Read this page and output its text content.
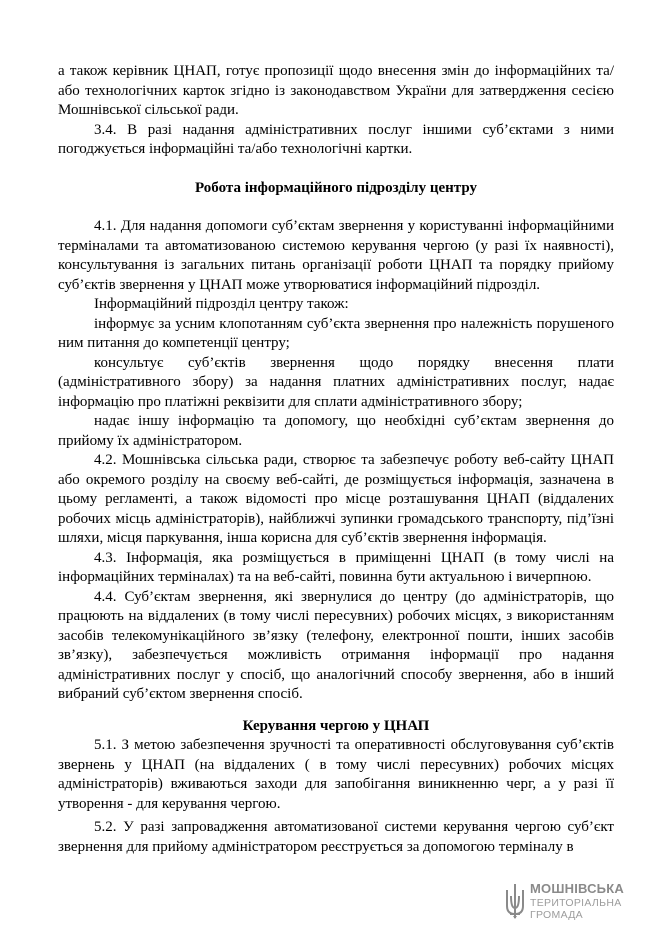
а також керівник ЦНАП, готує пропозиції щодо внесення змін до інформаційних та/або технологічних карток згідно із законодавством України для затвердження сесією Мошнівської сільської ради.

3.4. В разі надання адміністративних послуг іншими суб’єктами з ними погоджується інформаційні та/або технологічні картки.

Робота інформаційного підрозділу центру

4.1. Для надання допомоги суб’єктам звернення у користуванні інформаційними терміналами та автоматизованою системою керування чергою (у разі їх наявності), консультування із загальних питань організації роботи ЦНАП та порядку прийому суб’єктів звернення у ЦНАП може утворюватися інформаційний підрозділ.

Інформаційний підрозділ центру також:

інформує за усним клопотанням суб’єкта звернення про належність порушеного ним питання до компетенції центру;

консультує суб’єктів звернення щодо порядку внесення плати (адміністративного збору) за надання платних адміністративних послуг, надає інформацію про платіжні реквізити для сплати адміністративного збору;

надає іншу інформацію та допомогу, що необхідні суб’єктам звернення до прийому їх адміністратором.

4.2. Мошнівська сільська ради, створює та забезпечує роботу веб-сайту ЦНАП або окремого розділу на своєму веб-сайті, де розміщується інформація, зазначена в цьому регламенті, а також відомості про місце розташування ЦНАП (віддалених робочих місць адміністраторів), найближчі зупинки громадського транспорту, під’їзні шляхи, місця паркування, інша корисна для суб’єктів звернення інформація.

4.3. Інформація, яка розміщується в приміщенні ЦНАП (в тому числі на інформаційних терміналах) та на веб-сайті, повинна бути актуальною і вичерпною.

4.4. Суб’єктам звернення, які звернулися до центру (до адміністраторів, що працюють на віддалених (в тому числі пересувних) робочих місцях, з використанням засобів телекомунікаційного зв’язку (телефону, електронної пошти, інших засобів зв’язку), забезпечується можливість отримання інформації про надання адміністративних послуг у спосіб, що аналогічний способу звернення, або в інший вибраний суб’єктом звернення спосіб.

Керування чергою у ЦНАП

5.1. З метою забезпечення зручності та оперативності обслуговування суб’єктів звернень у ЦНАП (на віддалених ( в тому числі пересувних) робочих місцях адміністраторів) вживаються заходи для запобігання виникненню черг, а у разі її утворення - для керування чергою.

5.2. У разі запровадження автоматизованої системи керування чергою суб’єкт звернення для прийому адміністратором реєструється за допомогою терміналу в

МОШНІВСЬКА
ТЕРИТОРІАЛЬНА
ГРОМАДА
